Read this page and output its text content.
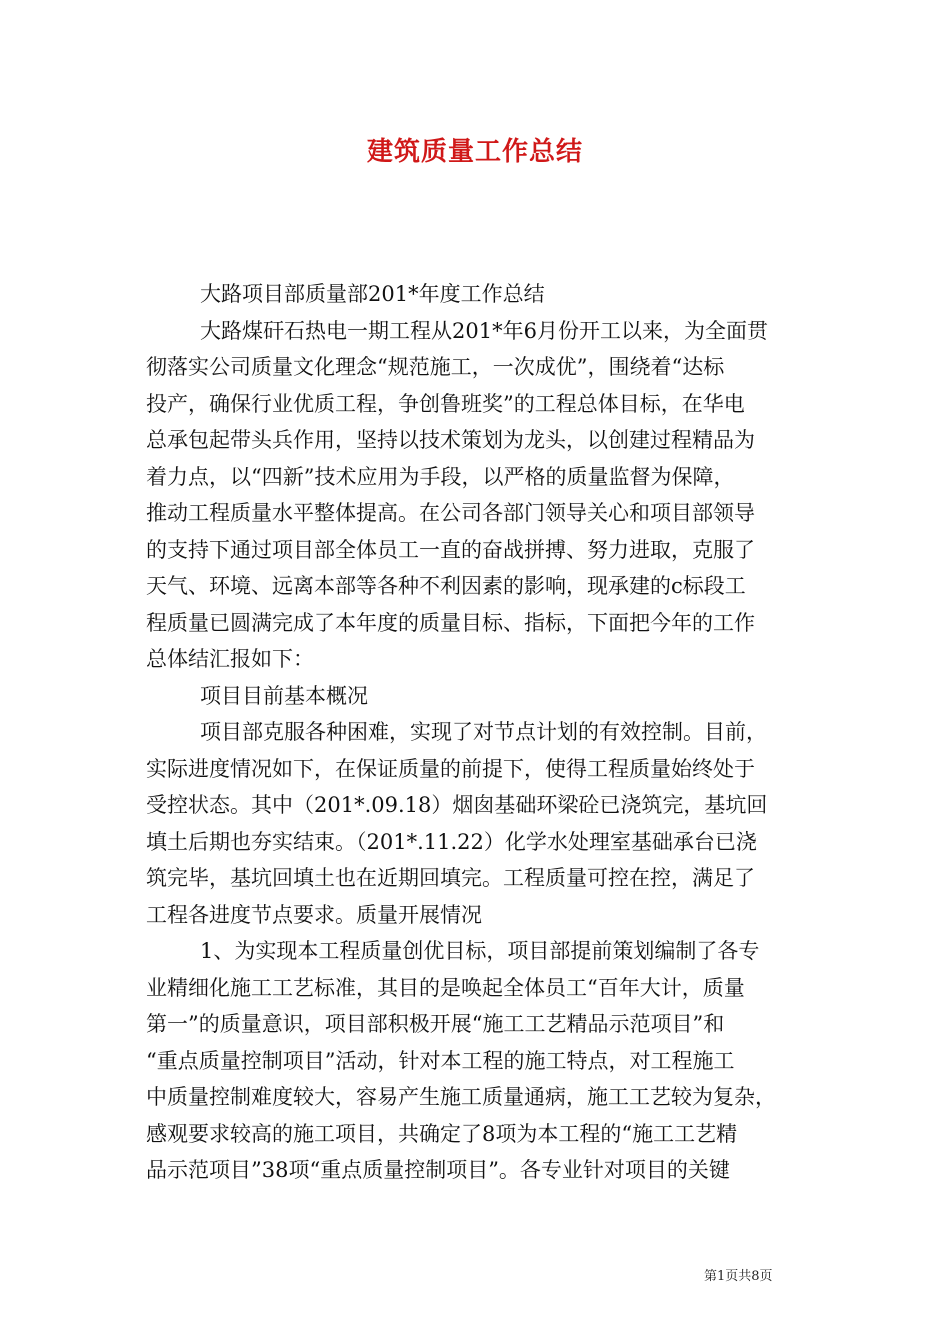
建筑质量工作总结
大路项目部质量部201*年度工作总结
大路煤矸石热电一期工程从201*年6月份开工以来，为全面贯
彻落实公司质量文化理念“规范施工，一次成优”，围绕着“达标
投产，确保行业优质工程，争创鲁班奖”的工程总体目标，在华电
总承包起带头兵作用，坚持以技术策划为龙头，以创建过程精品为
着力点，以“四新”技术应用为手段，以严格的质量监督为保障，
推动工程质量水平整体提高。在公司各部门领导关心和项目部领导
的支持下通过项目部全体员工一直的奋战拼搏、努力进取，克服了
天气、环境、远离本部等各种不利因素的影响，现承建的c标段工
程质量已圆满完成了本年度的质量目标、指标，下面把今年的工作
总体结汇报如下：
项目目前基本概况
项目部克服各种困难，实现了对节点计划的有效控制。目前，
实际进度情况如下，在保证质量的前提下，使得工程质量始终处于
受控状态。其中（201*.09.18）烟囱基础环梁砼已浇筑完，基坑回
填土后期也夯实结束。（201*.11.22）化学水处理室基础承台已浇
筑完毕，基坑回填土也在近期回填完。工程质量可控在控，满足了
工程各进度节点要求。质量开展情况
1、为实现本工程质量创优目标，项目部提前策划编制了各专
业精细化施工工艺标准，其目的是唤起全体员工“百年大计，质量
第一”的质量意识，项目部积极开展“施工工艺精品示范项目”和
“重点质量控制项目”活动，针对本工程的施工特点，对工程施工
中质量控制难度较大，容易产生施工质量通病，施工工艺较为复杂，
感观要求较高的施工项目，共确定了8项为本工程的“施工工艺精
品示范项目”38项“重点质量控制项目”。各专业针对项目的关键
第1页共8页
